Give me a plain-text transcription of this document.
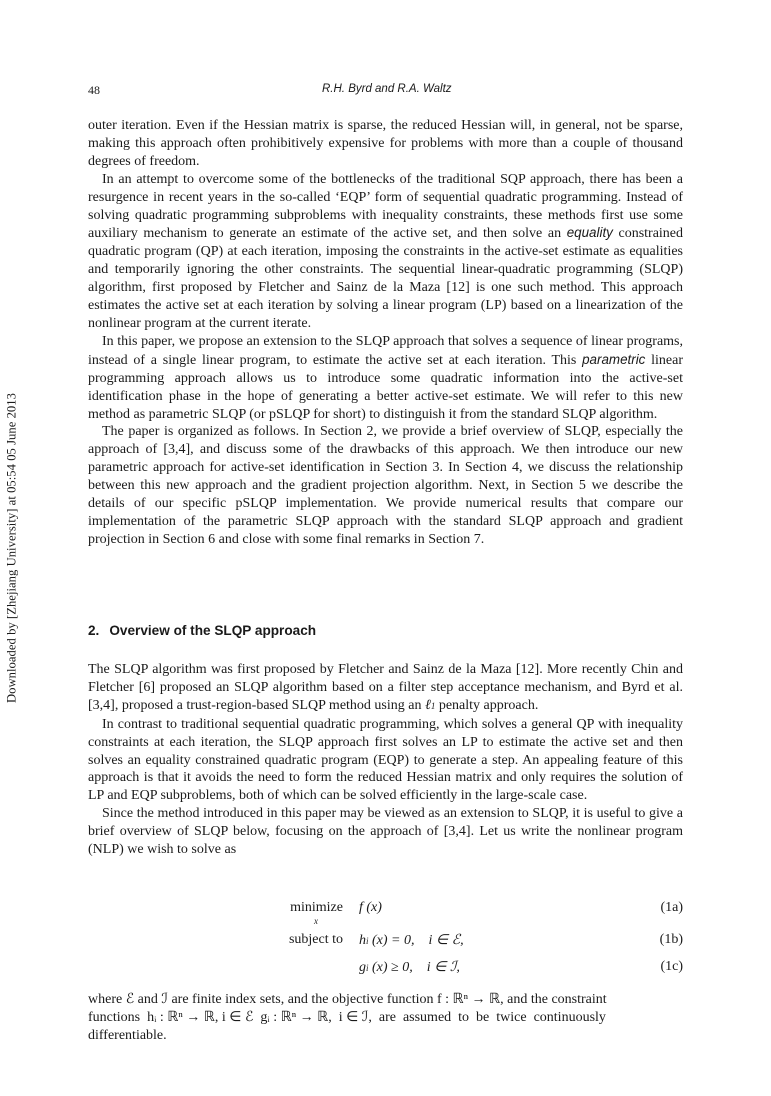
Downloaded by [Zhejiang University] at 05:54 05 June 2013
48	R.H. Byrd and R.A. Waltz

outer iteration. Even if the Hessian matrix is sparse, the reduced Hessian will, in general, not be sparse, making this approach often prohibitively expensive for problems with more than a couple of thousand degrees of freedom.

In an attempt to overcome some of the bottlenecks of the traditional SQP approach, there has been a resurgence in recent years in the so-called ‘EQP’ form of sequential quadratic programming. Instead of solving quadratic programming subproblems with inequality constraints, these methods first use some auxiliary mechanism to generate an estimate of the active set, and then solve an equality constrained quadratic program (QP) at each iteration, imposing the constraints in the active-set estimate as equalities and temporarily ignoring the other constraints. The sequential linear-quadratic programming (SLQP) algorithm, first proposed by Fletcher and Sainz de la Maza [12] is one such method. This approach estimates the active set at each iteration by solving a linear program (LP) based on a linearization of the nonlinear program at the current iterate.

In this paper, we propose an extension to the SLQP approach that solves a sequence of linear programs, instead of a single linear program, to estimate the active set at each iteration. This parametric linear programming approach allows us to introduce some quadratic information into the active-set identification phase in the hope of generating a better active-set estimate. We will refer to this new method as parametric SLQP (or pSLQP for short) to distinguish it from the standard SLQP algorithm.

The paper is organized as follows. In Section 2, we provide a brief overview of SLQP, especially the approach of [3,4], and discuss some of the drawbacks of this approach. We then introduce our new parametric approach for active-set identification in Section 3. In Section 4, we discuss the relationship between this new approach and the gradient projection algorithm. Next, in Section 5 we describe the details of our specific pSLQP implementation. We provide numerical results that compare our implementation of the parametric SLQP approach with the standard SLQP approach and gradient projection in Section 6 and close with some final remarks in Section 7.

2. Overview of the SLQP approach

The SLQP algorithm was first proposed by Fletcher and Sainz de la Maza [12]. More recently Chin and Fletcher [6] proposed an SLQP algorithm based on a filter step acceptance mechanism, and Byrd et al. [3,4], proposed a trust-region-based SLQP method using an ℓ1 penalty approach.

In contrast to traditional sequential quadratic programming, which solves a general QP with inequality constraints at each iteration, the SLQP approach first solves an LP to estimate the active set and then solves an equality constrained quadratic program (EQP) to generate a step. An appealing feature of this approach is that it avoids the need to form the reduced Hessian matrix and only requires the solution of LP and EQP subproblems, both of which can be solved efficiently in the large-scale case.

Since the method introduced in this paper may be viewed as an extension to SLQP, it is useful to give a brief overview of SLQP below, focusing on the approach of [3,4]. Let us write the nonlinear program (NLP) we wish to solve as

minimize
x
f (x)	(1a)
subject to hi (x) = 0,    i ∈ ℰ,	(1b)
gi (x) ≥ 0,    i ∈ ℐ,	(1c)

where ℰ and ℐ are finite index sets, and the objective function f : ℝⁿ → ℝ, and the constraint
functions  hᵢ : ℝⁿ → ℝ, i ∈ ℰ  gᵢ : ℝⁿ → ℝ,  i ∈ ℐ,  are  assumed  to  be  twice  continuously
differentiable.
